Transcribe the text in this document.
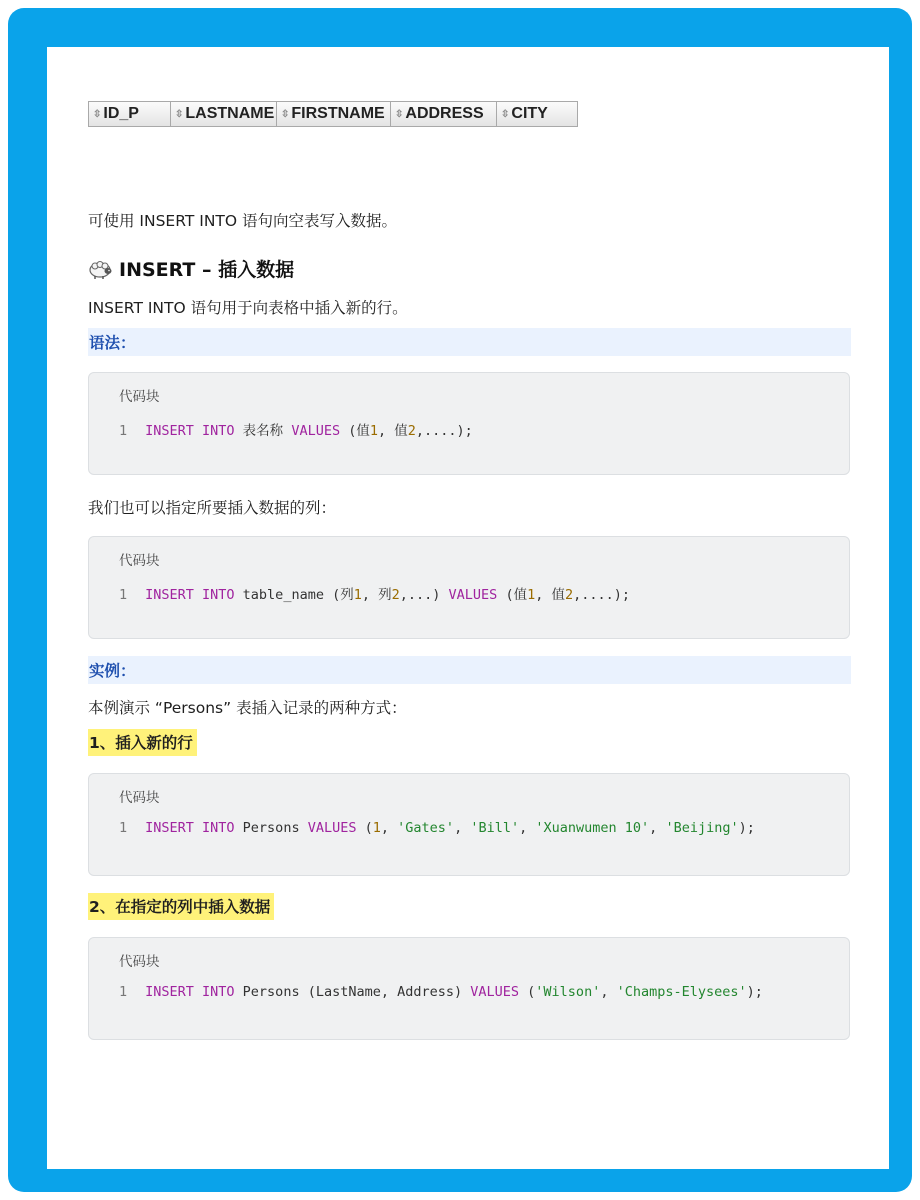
⇳ ID_P	⇳ LASTNAME ⇳ FIRSTNAME ⇳ ADDRESS ⇳ CITY
可使用 INSERT INTO 语句向空表写入数据。
INSERT – 插入数据
INSERT INTO 语句用于向表格中插入新的行。
语法：
代码块
1 INSERT INTO 表名称 VALUES (值1, 值2,....);
我们也可以指定所要插入数据的列：
代码块
1 INSERT INTO table_name (列1, 列2,...) VALUES (值1, 值2,....);
实例：
本例演示 “Persons” 表插入记录的两种方式：
1、插入新的行
代码块
1 INSERT INTO Persons VALUES (1, 'Gates', 'Bill', 'Xuanwumen 10', 'Beijing');
2、在指定的列中插入数据
代码块
1 INSERT INTO Persons (LastName, Address) VALUES ('Wilson', 'Champs-Elysees');
